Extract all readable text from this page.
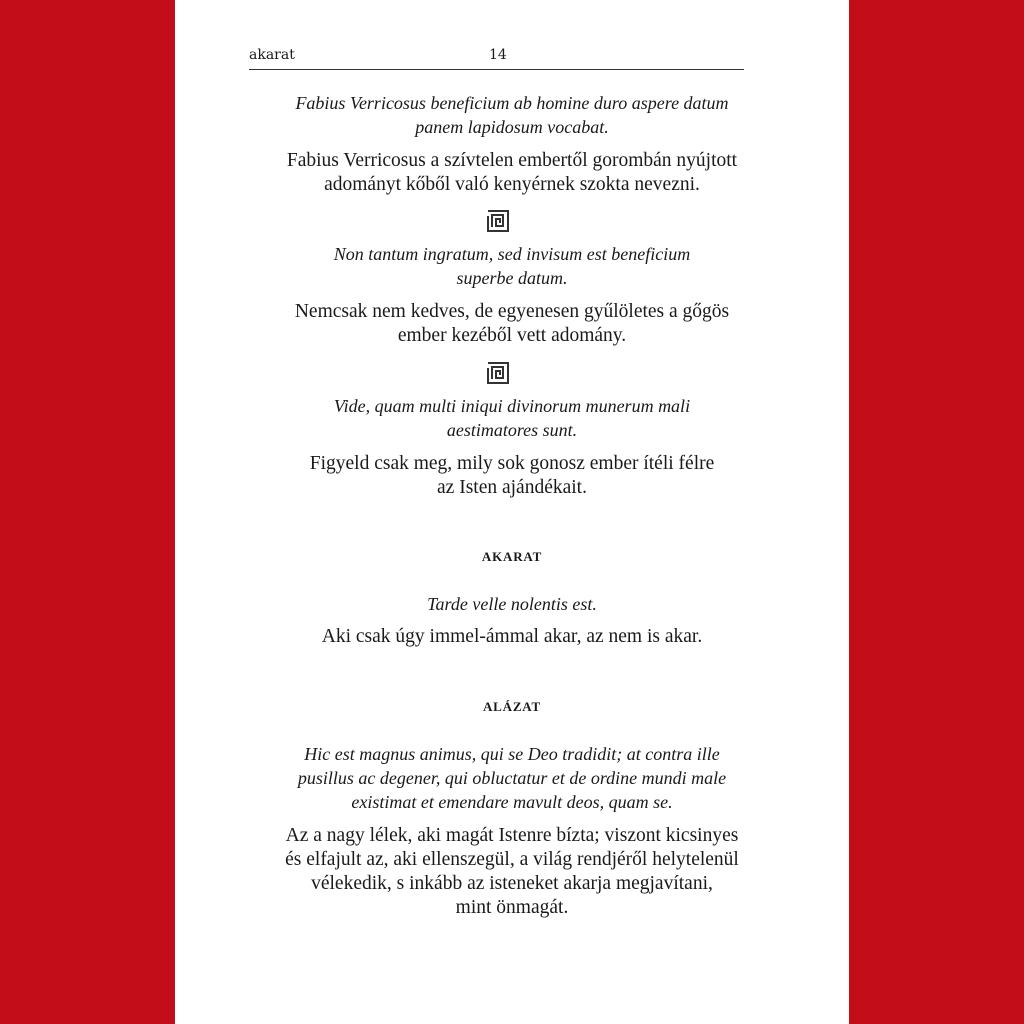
akarat	14
Fabius Verricosus beneficium ab homine duro aspere datum
panem lapidosum vocabat.
Fabius Verricosus a szívtelen embertől gorombán nyújtott
adományt kőből való kenyérnek szokta nevezni.
Non tantum ingratum, sed invisum est beneficium
superbe datum.
Nemcsak nem kedves, de egyenesen gyűlöletes a gőgös
ember kezéből vett adomány.
Vide, quam multi iniqui divinorum munerum mali
aestimatores sunt.
Figyeld csak meg, mily sok gonosz ember ítéli félre
az Isten ajándékait.
AKARAT
Tarde velle nolentis est.
Aki csak úgy immel-ámmal akar, az nem is akar.
ALÁZAT
Hic est magnus animus, qui se Deo tradidit; at contra ille
pusillus ac degener, qui obluctatur et de ordine mundi male
existimat et emendare mavult deos, quam se.
Az a nagy lélek, aki magát Istenre bízta; viszont kicsinyes
és elfajult az, aki ellenszegül, a világ rendjéről helytelenül
vélekedik, s inkább az isteneket akarja megjavítani,
mint önmagát.
